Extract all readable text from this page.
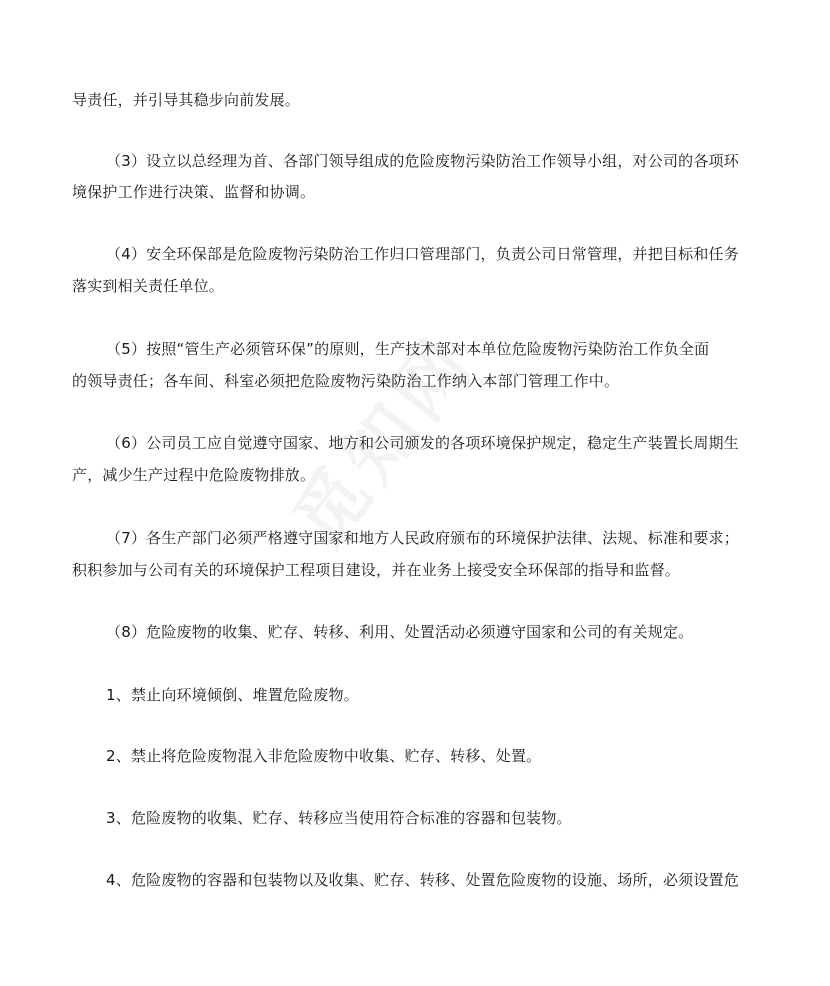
导责任，并引导其稳步向前发展。
（3）设立以总经理为首、各部门领导组成的危险废物污染防治工作领导小组，对公司的各项环
境保护工作进行决策、监督和协调。
（4）安全环保部是危险废物污染防治工作归口管理部门，负责公司日常管理，并把目标和任务
落实到相关责任单位。
（5）按照“管生产必须管环保”的原则，生产技术部对本单位危险废物污染防治工作负全面
的领导责任；各车间、科室必须把危险废物污染防治工作纳入本部门管理工作中。
（6）公司员工应自觉遵守国家、地方和公司颁发的各项环境保护规定，稳定生产装置长周期生
产，减少生产过程中危险废物排放。
（7）各生产部门必须严格遵守国家和地方人民政府颁布的环境保护法律、法规、标准和要求；
积积参加与公司有关的环境保护工程项目建设，并在业务上接受安全环保部的指导和监督。
（8）危险废物的收集、贮存、转移、利用、处置活动必须遵守国家和公司的有关规定。
1、禁止向环境倾倒、堆置危险废物。
2、禁止将危险废物混入非危险废物中收集、贮存、转移、处置。
3、危险废物的收集、贮存、转移应当使用符合标准的容器和包装物。
4、危险废物的容器和包装物以及收集、贮存、转移、处置危险废物的设施、场所，必须设置危
